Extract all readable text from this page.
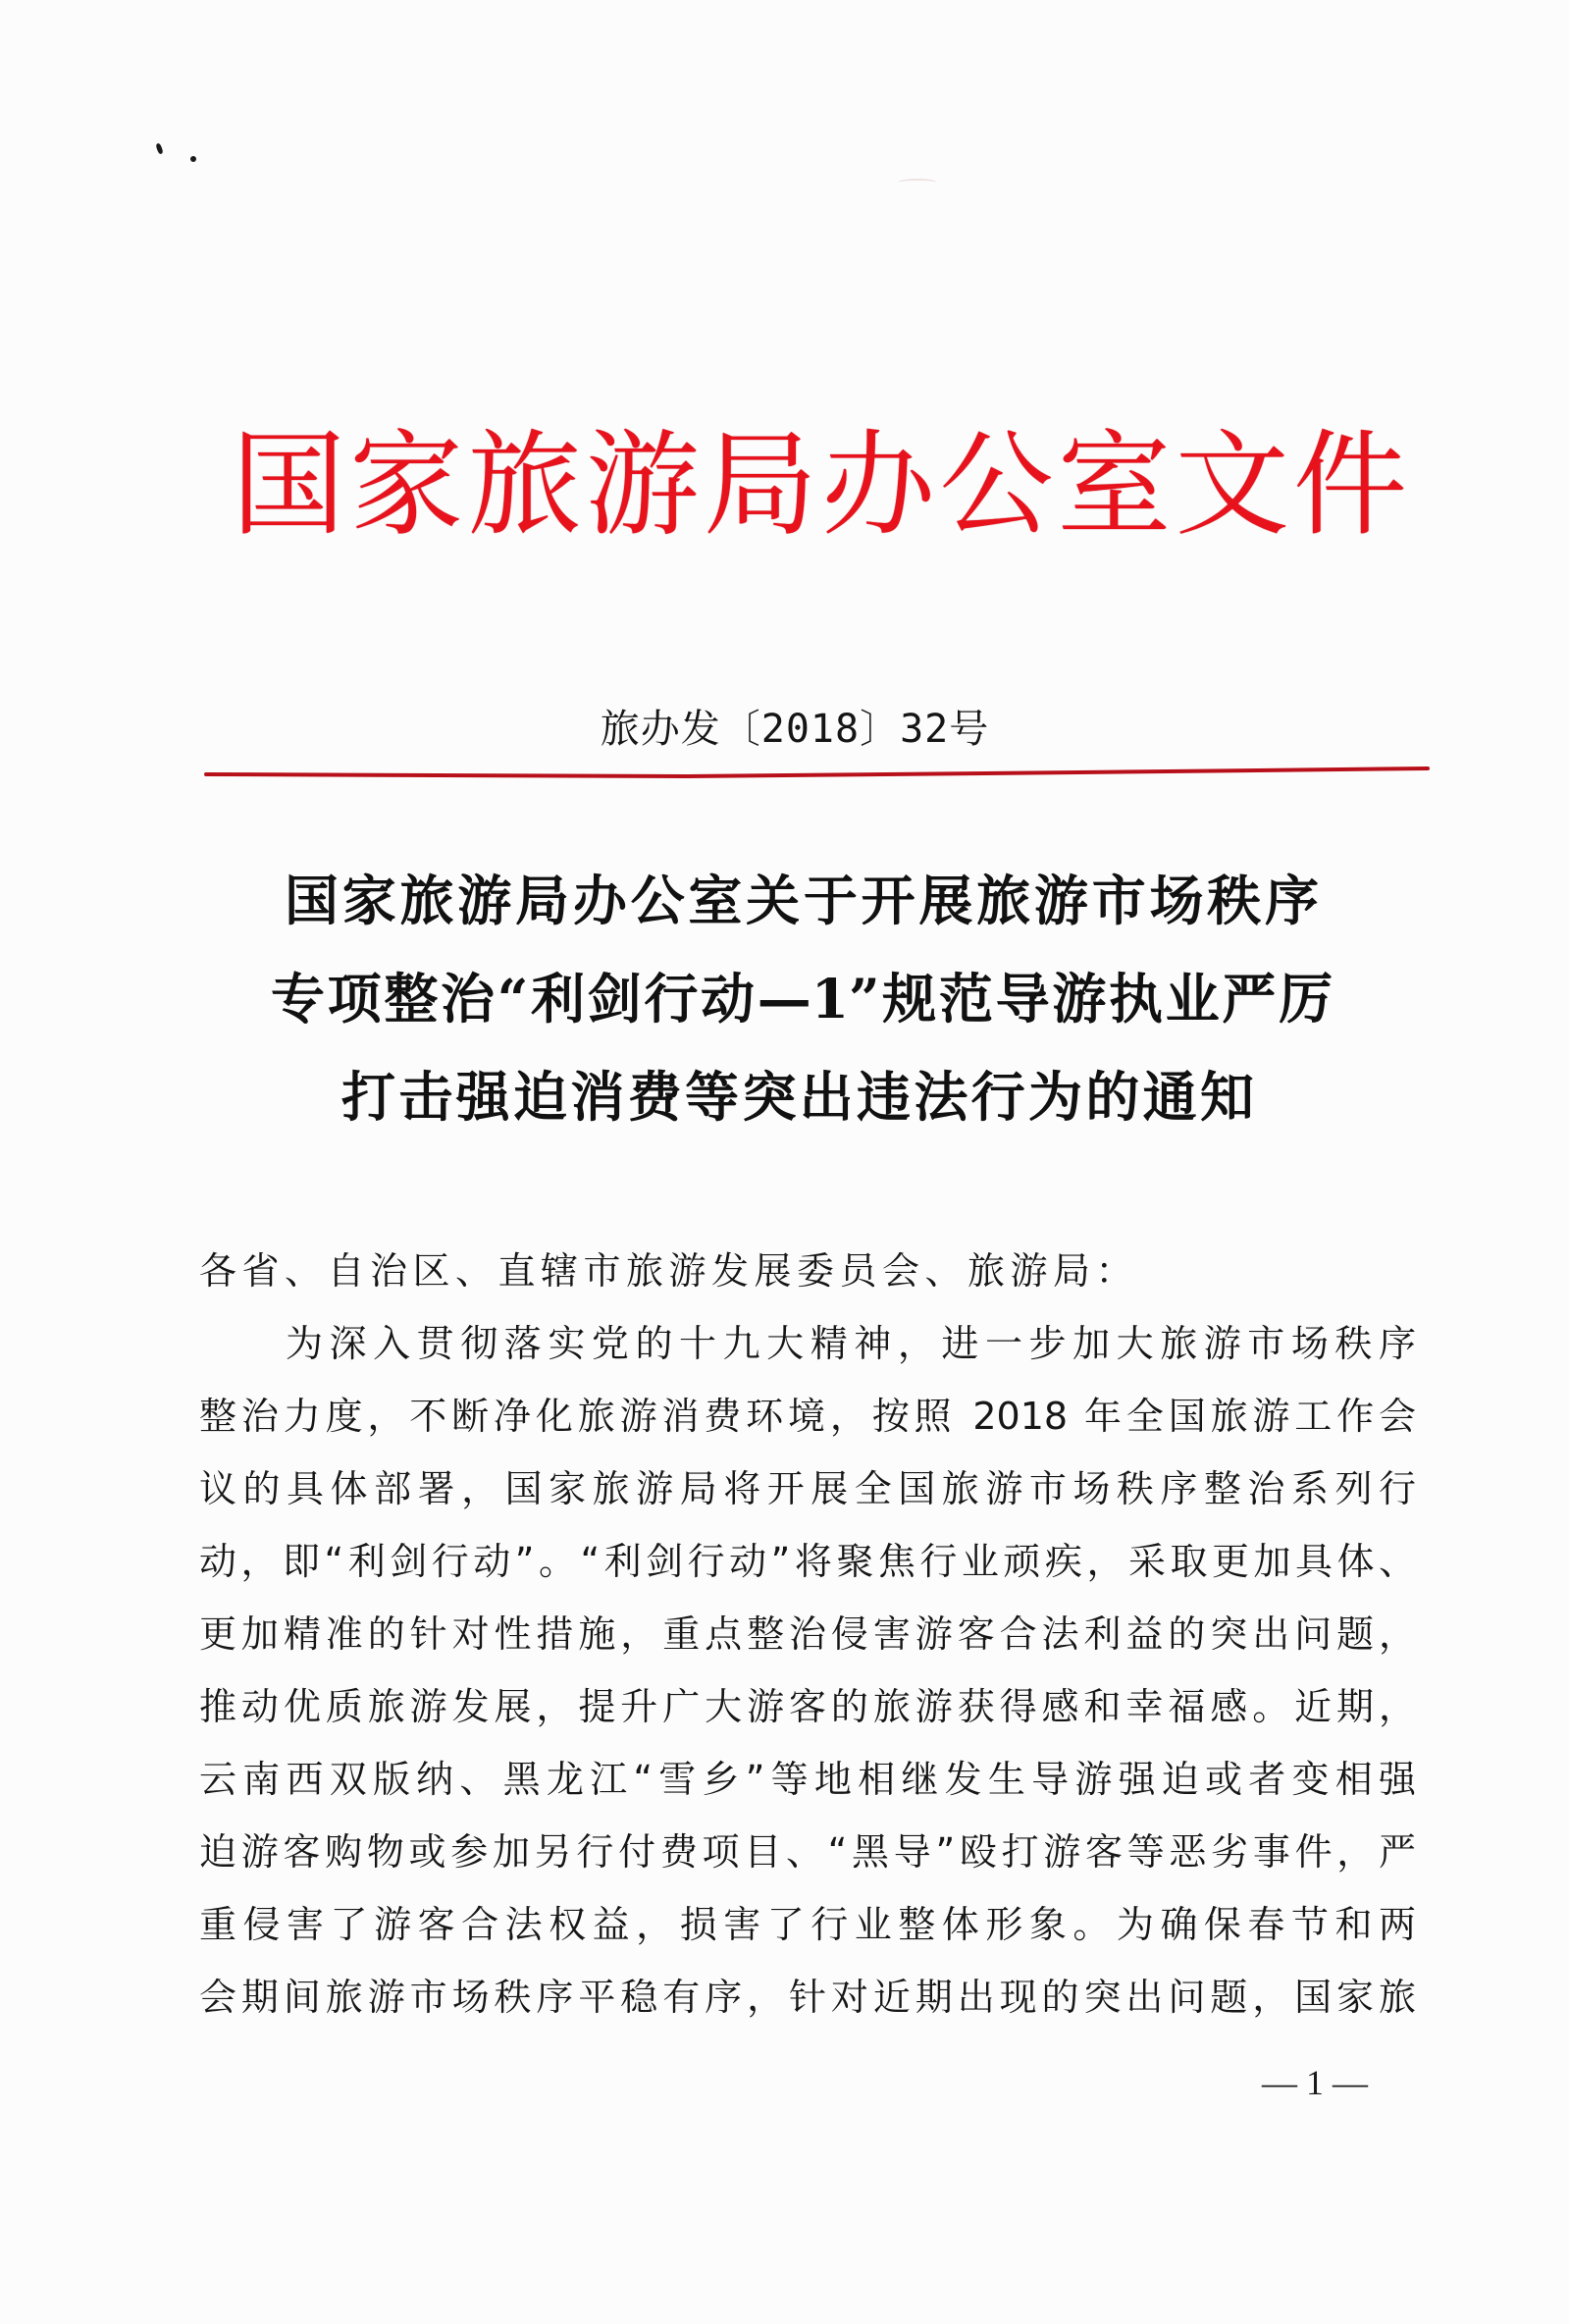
国家旅游局办公室文件
旅办发〔2018〕32号
国家旅游局办公室关于开展旅游市场秩序
专项整治“利剑行动—1”规范导游执业严厉
打击强迫消费等突出违法行为的通知
各省、自治区、直辖市旅游发展委员会、旅游局：
为深入贯彻落实党的十九大精神，进一步加大旅游市场秩序
整治力度，不断净化旅游消费环境，按照 2018 年全国旅游工作会
议的具体部署，国家旅游局将开展全国旅游市场秩序整治系列行
动，即“利剑行动”。“利剑行动”将聚焦行业顽疾，采取更加具体、
更加精准的针对性措施，重点整治侵害游客合法利益的突出问题，
推动优质旅游发展，提升广大游客的旅游获得感和幸福感。近期，
云南西双版纳、黑龙江“雪乡”等地相继发生导游强迫或者变相强
迫游客购物或参加另行付费项目、“黑导”殴打游客等恶劣事件，严
重侵害了游客合法权益，损害了行业整体形象。为确保春节和两
会期间旅游市场秩序平稳有序，针对近期出现的突出问题，国家旅
— 1 —
